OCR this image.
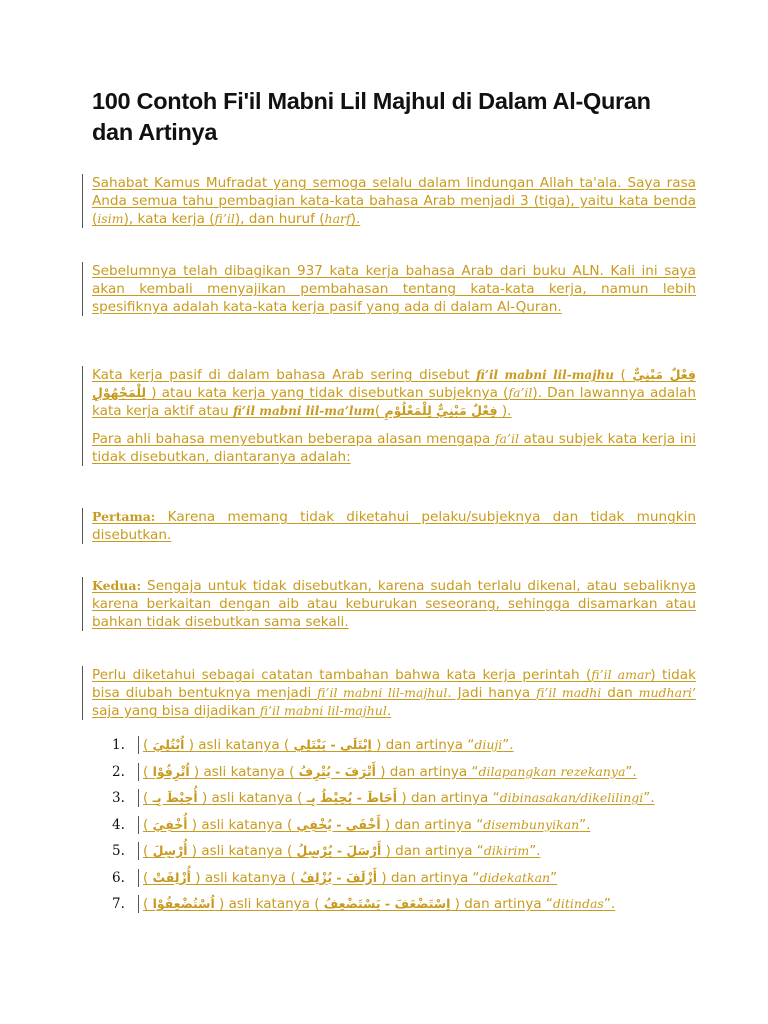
100 Contoh Fi'il Mabni Lil Majhul di Dalam Al-Quran dan Artinya

Sahabat Kamus Mufradat yang semoga selalu dalam lindungan Allah ta'ala. Saya rasa Anda semua tahu pembagian kata-kata bahasa Arab menjadi 3 (tiga), yaitu kata benda (isim), kata kerja (fi’il), dan huruf (harf).

Sebelumnya telah dibagikan 937 kata kerja bahasa Arab dari buku ALN. Kali ini saya akan kembali menyajikan pembahasan tentang kata-kata kerja, namun lebih spesifiknya adalah kata-kata kerja pasif yang ada di dalam Al-Quran.

Kata kerja pasif di dalam bahasa Arab sering disebut fi’il mabni lil-majhu ( فِعْلٌ مَبْنِيٌّ لِلْمَجْهُوْلِ ) atau kata kerja yang tidak disebutkan subjeknya (fa’il). Dan lawannya adalah kata kerja aktif atau fi’il mabni lil-ma’lum( فِعْلٌ مَبْنِيٌّ لِلْمَعْلُوْمِ ).

Para ahli bahasa menyebutkan beberapa alasan mengapa fa’il atau subjek kata kerja ini tidak disebutkan, diantaranya adalah:

Pertama: Karena memang tidak diketahui pelaku/subjeknya dan tidak mungkin disebutkan.

Kedua: Sengaja untuk tidak disebutkan, karena sudah terlalu dikenal, atau sebaliknya karena berkaitan dengan aib atau keburukan seseorang, sehingga disamarkan atau bahkan tidak disebutkan sama sekali.

Perlu diketahui sebagai catatan tambahan bahwa kata kerja perintah (fi’il amar) tidak bisa diubah bentuknya menjadi fi’il mabni lil-majhul. Jadi hanya fi’il madhi dan mudhari’ saja yang bisa dijadikan fi’il mabni lil-majhul.

1.	( اُبْتُلِيَ ) asli katanya ( اِبْتَلَى - يَبْتَلِي ) dan artinya “diuji”.
2.	( اُتْرِفُوْا ) asli katanya ( أَتْرَفَ - يُتْرِفُ ) dan artinya “dilapangkan rezekanya”.
3.	( أُحِيْطَ بِـ ) asli katanya ( أَحَاطَ - يُحِيْطُ بِـ ) dan artinya “dibinasakan/dikelilingi”.
4.	( أُخْفِيَ ) asli katanya ( أَخْفَى - يُخْفِي ) dan artinya “disembunyikan”.
5.	( أُرْسِلَ ) asli katanya ( أَرْسَلَ - يُرْسِلُ ) dan artinya “dikirim”.
6.	( أُزْلِفَتْ ) asli katanya ( أَزْلَفَ - يُزْلِفُ ) dan artinya “didekatkan”
7.	( اُسْتُضْعِفُوْا ) asli katanya ( اِسْتَضْعَفَ - يَسْتَضْعِفُ ) dan artinya “ditindas”.
